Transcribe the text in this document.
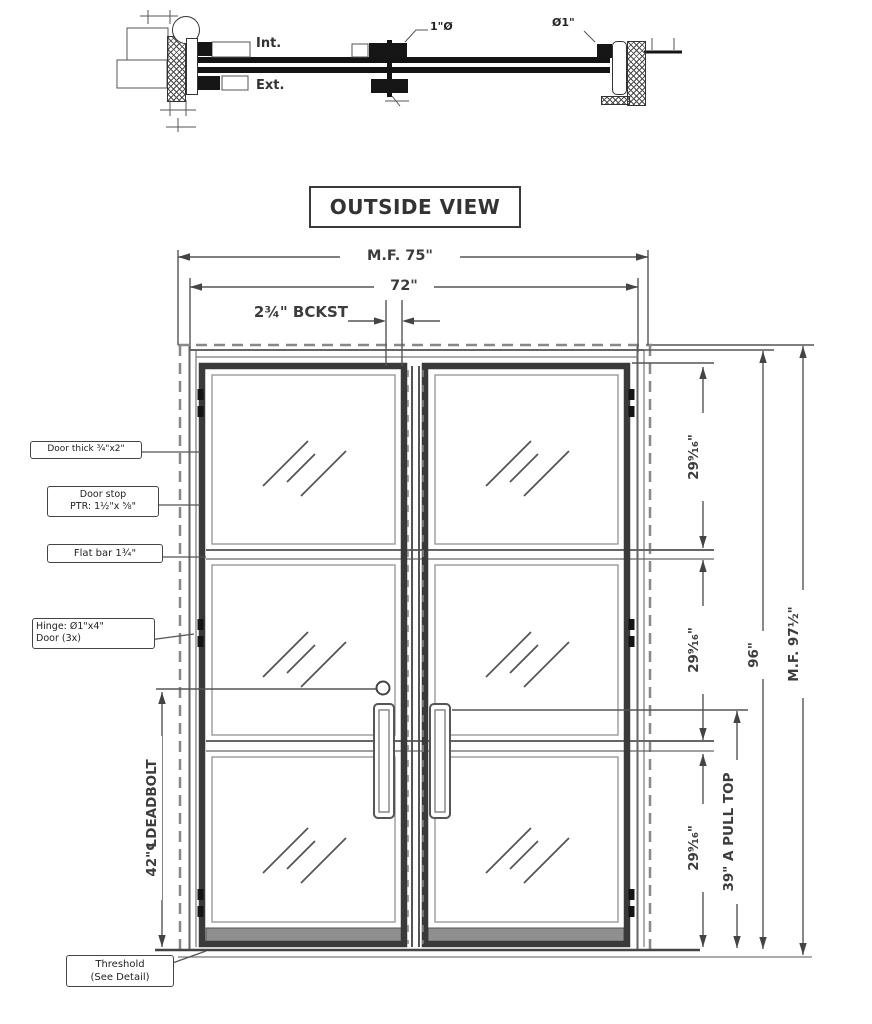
Int.
Ext.
1"Ø	Ø1"
OUTSIDE VIEW
M.F. 75"
72"
2¾" BCKST
29⁹⁄₁₆"
29⁹⁄₁₆"
29⁹⁄₁₆"
96" M.F. 97½"
39" A PULL TOP
42"℄DEADBOLT
Door thick ¾"x2"
Door stop
PTR: 1½"x ⅝"
Flat bar 1¾"
Hinge: Ø1"x4"
Door (3x)
Threshold
(See Detail)
